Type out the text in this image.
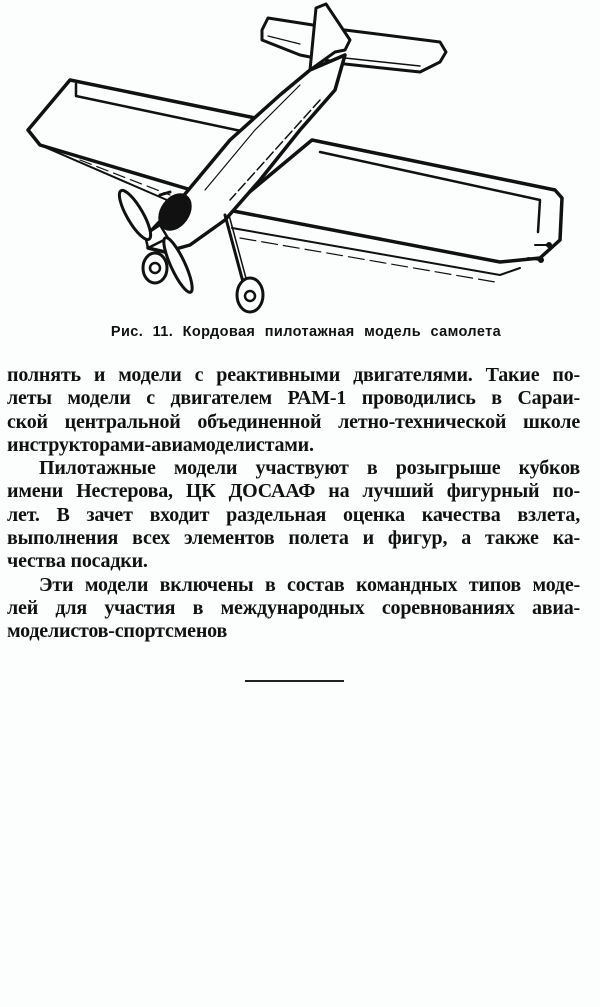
Рис. 11. Кордовая пилотажная модель самолета
полнять и модели с реактивными двигателями. Такие по-
леты модели с двигателем РАМ-1 проводились в Сараи-
ской центральной объединенной летно-технической школе
инструкторами-авиамоделистами.
Пилотажные модели участвуют в розыгрыше кубков
имени Нестерова, ЦК ДОСААФ на лучший фигурный по-
лет. В зачет входит раздельная оценка качества взлета,
выполнения всех элементов полета и фигур, а также ка-
чества посадки.
Эти модели включены в состав командных типов моде-
лей для участия в международных соревнованиях авиа-
моделистов-спортсменов
